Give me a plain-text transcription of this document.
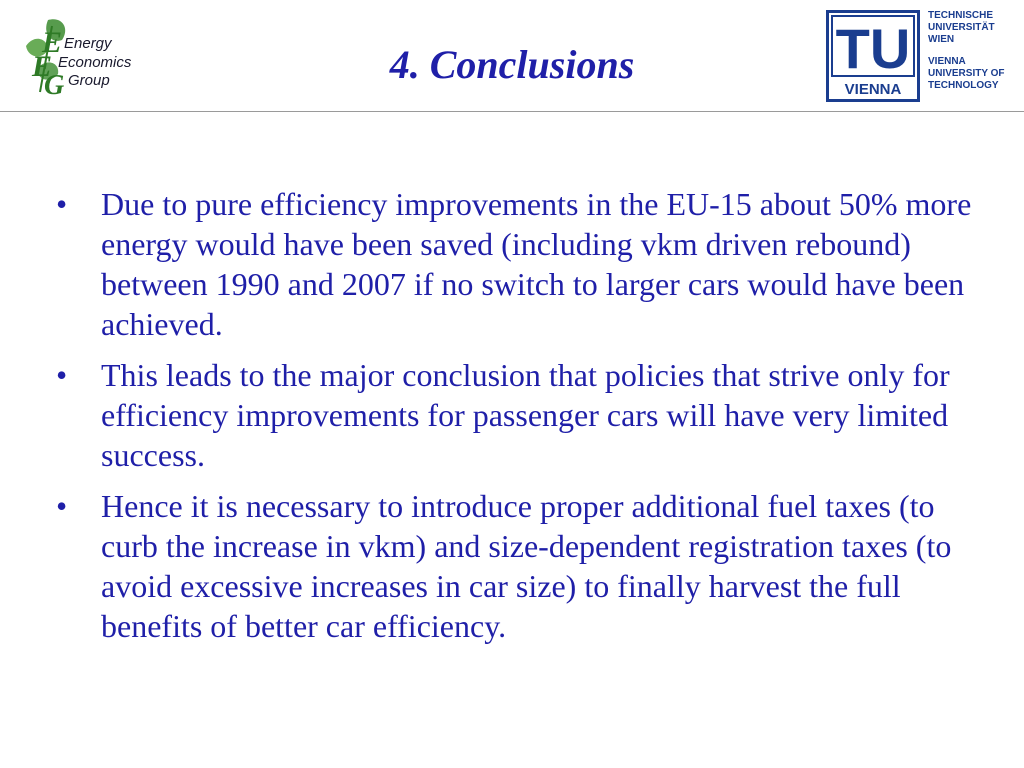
E
E
G
Energy
Economics
Group	4. Conclusions	TU
VIENNA
TECHNISCHE
UNIVERSITÄT
WIEN
VIENNA
UNIVERSITY OF
TECHNOLOGY
• Due to pure efficiency improvements in the EU-15 about 50% more energy would have been saved (including vkm driven rebound) between 1990 and 2007 if no switch to larger cars would have been achieved.
• This leads to the major conclusion that policies that strive only for efficiency improvements for passenger cars will have very limited success.
• Hence it is necessary to introduce proper additional fuel taxes (to curb the increase in vkm) and size-dependent registration taxes (to avoid excessive increases in car size) to finally harvest the full benefits of better car efficiency.
